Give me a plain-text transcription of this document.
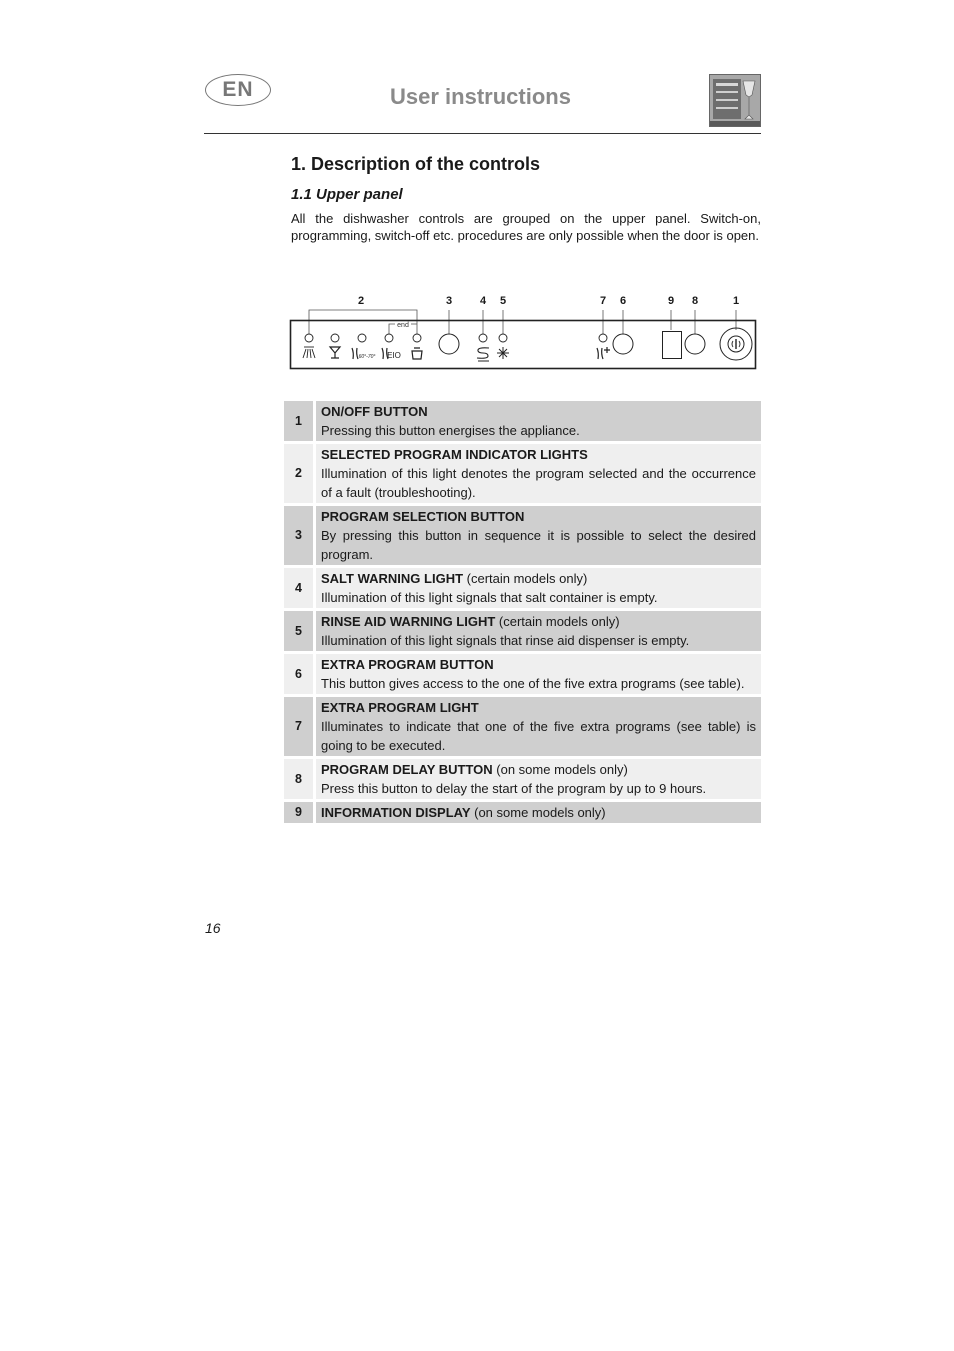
EN	User instructions
1. Description of the controls
1.1 Upper panel
All the dishwasher controls are grouped on the upper panel. Switch-on, programming, switch-off etc. procedures are only possible when the door is open.
2	3	4 5	7 6	9 8	1
end
60°-70° EIO
1	ON/OFF BUTTON
Pressing this button energises the appliance.
2	SELECTED PROGRAM INDICATOR LIGHTS
Illumination of this light denotes the program selected and the occurrence of a fault (troubleshooting).
3	PROGRAM SELECTION BUTTON
By pressing this button in sequence it is possible to select the desired program.
4	SALT WARNING LIGHT (certain models only)
Illumination of this light signals that salt container is empty.
5	RINSE AID WARNING LIGHT (certain models only)
Illumination of this light signals that rinse aid dispenser is empty.
6	EXTRA PROGRAM BUTTON
This button gives access to the one of the five extra programs (see table).
7	EXTRA PROGRAM LIGHT
Illuminates to indicate that one of the five extra programs (see table) is going to be executed.
8	PROGRAM DELAY BUTTON (on some models only)
Press this button to delay the start of the program by up to 9 hours.
9	INFORMATION DISPLAY (on some models only)
16
